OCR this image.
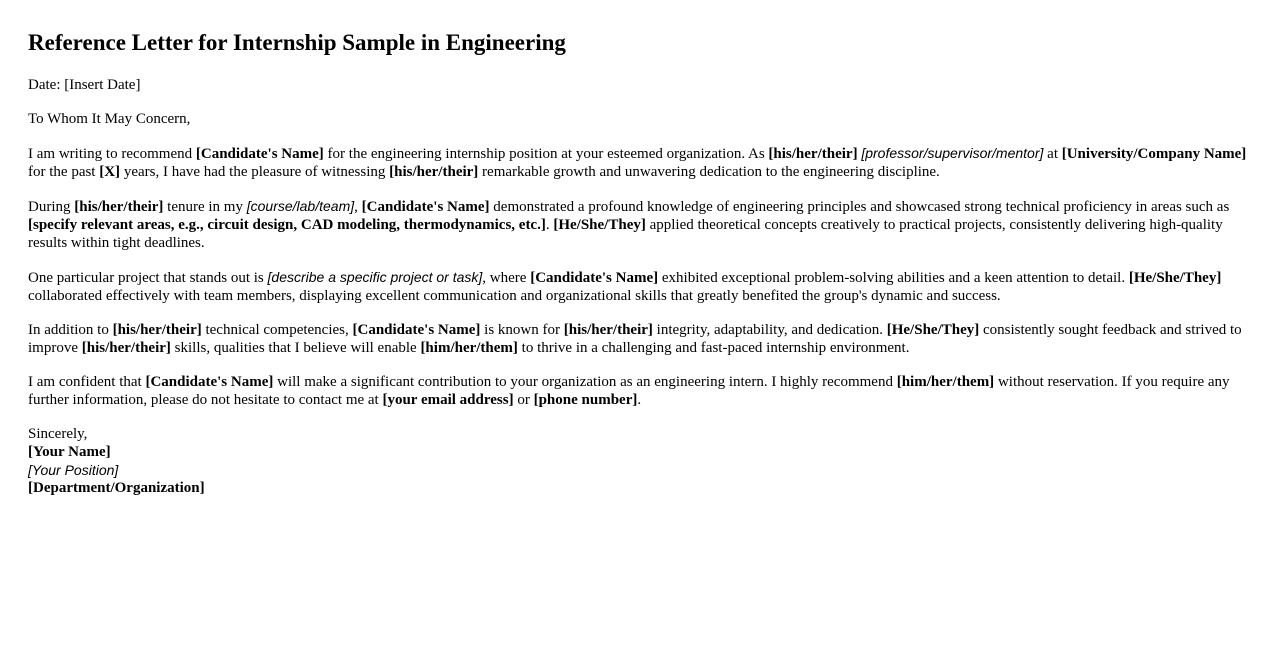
Reference Letter for Internship Sample in Engineering

Date: [Insert Date]

To Whom It May Concern,

I am writing to recommend [Candidate's Name] for the engineering internship position at your esteemed organization. As [his/her/their] [professor/supervisor/mentor] at [University/Company Name] for the past [X] years, I have had the pleasure of witnessing [his/her/their] remarkable growth and unwavering dedication to the engineering discipline.

During [his/her/their] tenure in my [course/lab/team], [Candidate's Name] demonstrated a profound knowledge of engineering principles and showcased strong technical proficiency in areas such as [specify relevant areas, e.g., circuit design, CAD modeling, thermodynamics, etc.]. [He/She/They] applied theoretical concepts creatively to practical projects, consistently delivering high-quality results within tight deadlines.

One particular project that stands out is [describe a specific project or task], where [Candidate's Name] exhibited exceptional problem-solving abilities and a keen attention to detail. [He/She/They] collaborated effectively with team members, displaying excellent communication and organizational skills that greatly benefited the group's dynamic and success.

In addition to [his/her/their] technical competencies, [Candidate's Name] is known for [his/her/their] integrity, adaptability, and dedication. [He/She/They] consistently sought feedback and strived to improve [his/her/their] skills, qualities that I believe will enable [him/her/them] to thrive in a challenging and fast-paced internship environment.

I am confident that [Candidate's Name] will make a significant contribution to your organization as an engineering intern. I highly recommend [him/her/them] without reservation. If you require any further information, please do not hesitate to contact me at [your email address] or [phone number].

Sincerely,
[Your Name]
[Your Position]
[Department/Organization]
